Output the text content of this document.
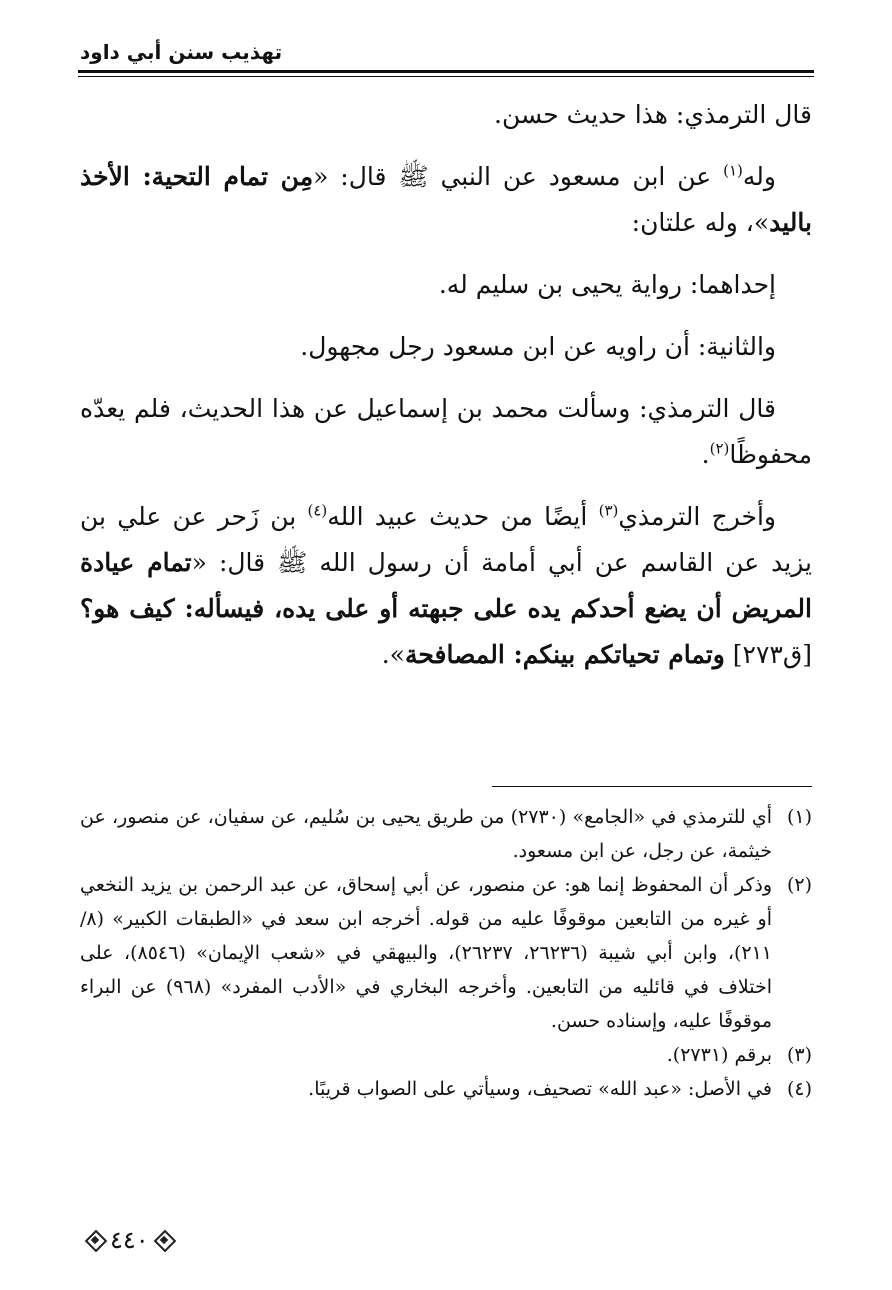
تهذيب سنن أبي داود

قال الترمذي: هذا حديث حسن.

وله$^{(١)}$ عن ابن مسعود عن النبي ﷺ قال: «مِن تمام التحية: الأخذ باليد»، وله علتان:

إحداهما: رواية يحيى بن سليم له.

والثانية: أن راويه عن ابن مسعود رجل مجهول.

قال الترمذي: وسألت محمد بن إسماعيل عن هذا الحديث، فلم يعدّه محفوظًا$^{(٢)}$.

وأخرج الترمذي$^{(٣)}$ أيضًا من حديث عبيد الله$^{(٤)}$ بن زَحر عن علي بن يزيد عن القاسم عن أبي أمامة أن رسول الله ﷺ قال: «تمام عيادة المريض أن يضع أحدكم يده على جبهته أو على يده، فيسأله: كيف هو؟ [ق٢٧٣] وتمام تحياتكم بينكم: المصافحة».

(١)
أي للترمذي في «الجامع» (٢٧٣٠) من طريق يحيى بن سُليم، عن سفيان، عن منصور، عن خيثمة، عن رجل، عن ابن مسعود.
(٢)
وذكر أن المحفوظ إنما هو: عن منصور، عن أبي إسحاق، عن عبد الرحمن بن يزيد النخعي أو غيره من التابعين موقوفًا عليه من قوله. أخرجه ابن سعد في «الطبقات الكبير» (٨/ ٢١١)، وابن أبي شيبة (٢٦٢٣٦، ٢٦٢٣٧)، والبيهقي في «شعب الإيمان» (٨٥٤٦)، على اختلاف في قائليه من التابعين. وأخرجه البخاري في «الأدب المفرد» (٩٦٨) عن البراء موقوفًا عليه، وإسناده حسن.
(٣)
برقم (٢٧٣١).
(٤)
في الأصل: «عبد الله» تصحيف، وسيأتي على الصواب قريبًا.
٤٤٠
